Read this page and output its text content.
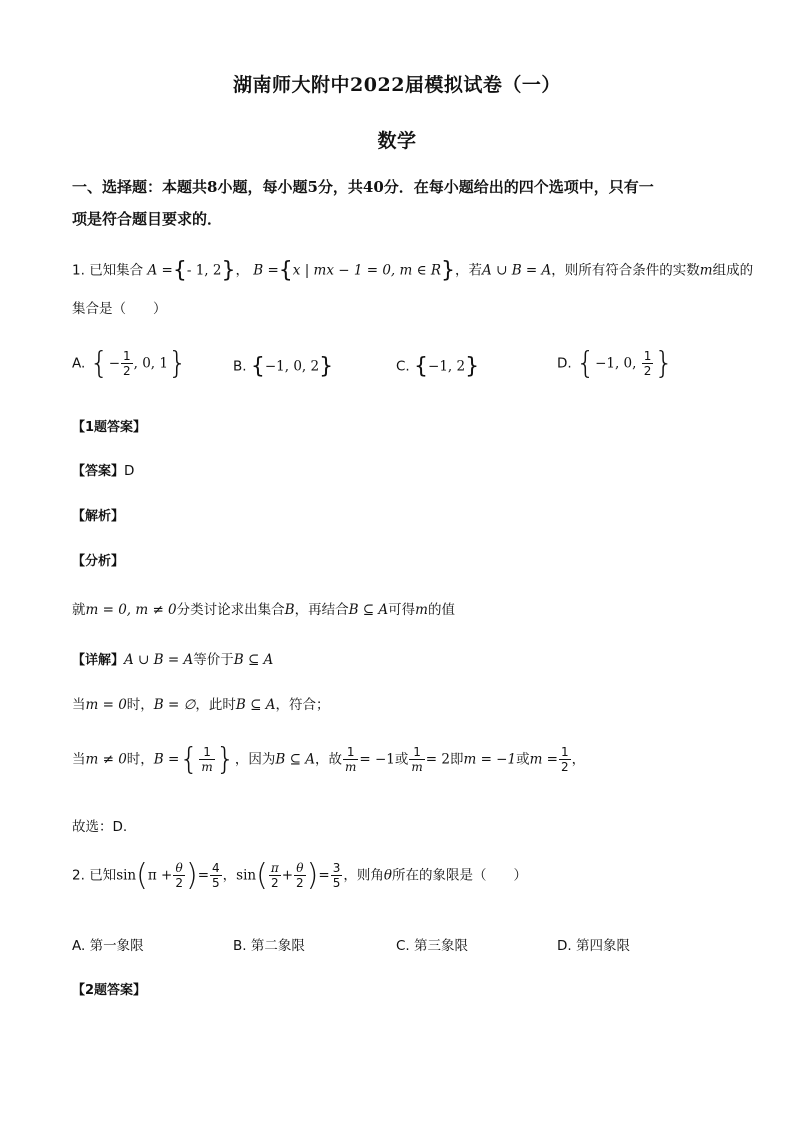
湖南师大附中2022届模拟试卷（一）
数学
一、选择题：本题共8小题，每小题5分，共40分．在每小题给出的四个选项中，只有一
项是符合题目要求的．
1. 已知集合 A ={- 1, 2}， B ={x | mx − 1 = 0, m ∈ R}，若A ∪ B = A，则所有符合条件的实数m组成的
集合是（　　）
A. {− $\frac{1}{2}$ , 0, 1}	B. {−1, 0, 2}	C. {−1, 2}	D. {−1, 0, $\frac{1}{2}$ }
【1题答案】
【答案】D
【解析】
【分析】
就m = 0, m ≠ 0分类讨论求出集合B，再结合B ⊆ A可得m的值
【详解】A ∪ B = A等价于B ⊆ A
当m = 0时，B = ∅，此时B ⊆ A，符合；
当m ≠ 0时，B ={ $\frac{1}{m}$ }，因为B ⊆ A，故 $\frac{1}{m} = -1$或 $\frac{1}{m} = 2$即m = −1或$m = \frac{1}{2}$ ，
故选：D.
2. 已知$\sin(\pi + \frac{\theta}{2}$ )= $\frac{4}{5}$ ，$\sin( \frac{\pi}{2} + \frac{\theta}{2}$ )= $\frac{3}{5}$ ，则角θ所在的象限是（　　）
A. 第一象限	B. 第二象限	C. 第三象限	D. 第四象限
【2题答案】
